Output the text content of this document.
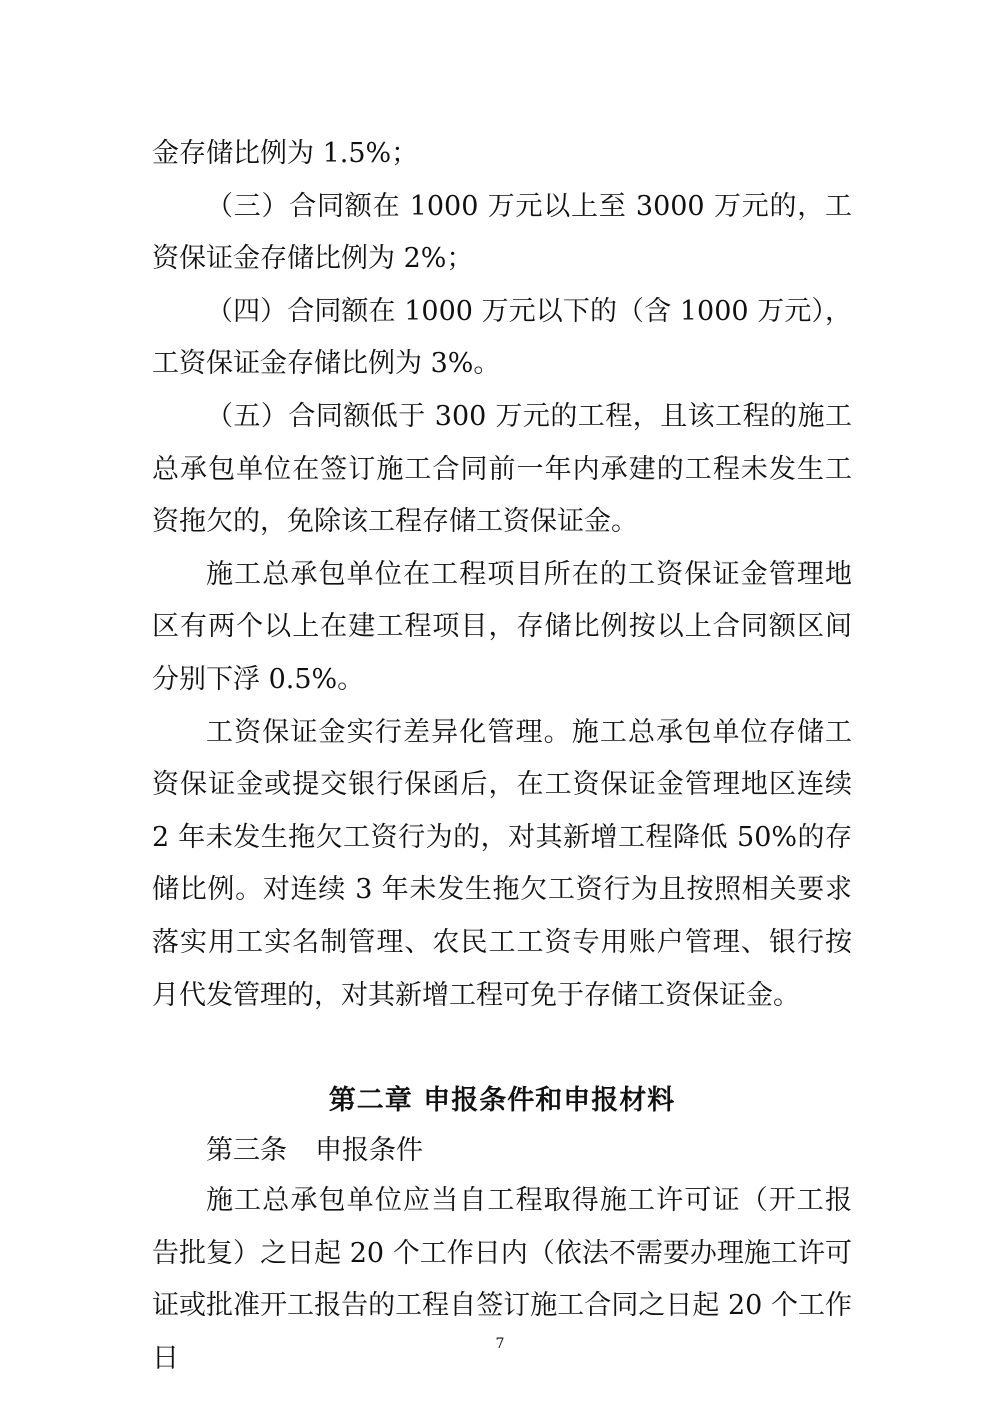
金存储比例为 1.5%；

（三）合同额在 1000 万元以上至 3000 万元的，工资保证金存储比例为 2%；

（四）合同额在 1000 万元以下的（含 1000 万元），工资保证金存储比例为 3%。

（五）合同额低于 300 万元的工程，且该工程的施工总承包单位在签订施工合同前一年内承建的工程未发生工资拖欠的，免除该工程存储工资保证金。

施工总承包单位在工程项目所在的工资保证金管理地区有两个以上在建工程项目，存储比例按以上合同额区间分别下浮 0.5%。

工资保证金实行差异化管理。施工总承包单位存储工资保证金或提交银行保函后，在工资保证金管理地区连续 2 年未发生拖欠工资行为的，对其新增工程降低 50%的存储比例。对连续 3 年未发生拖欠工资行为且按照相关要求落实用工实名制管理、农民工工资专用账户管理、银行按月代发管理的，对其新增工程可免于存储工资保证金。

第二章 申报条件和申报材料

第三条 申报条件

施工总承包单位应当自工程取得施工许可证（开工报告批复）之日起 20 个工作日内（依法不需要办理施工许可证或批准开工报告的工程自签订施工合同之日起 20 个工作日	7
